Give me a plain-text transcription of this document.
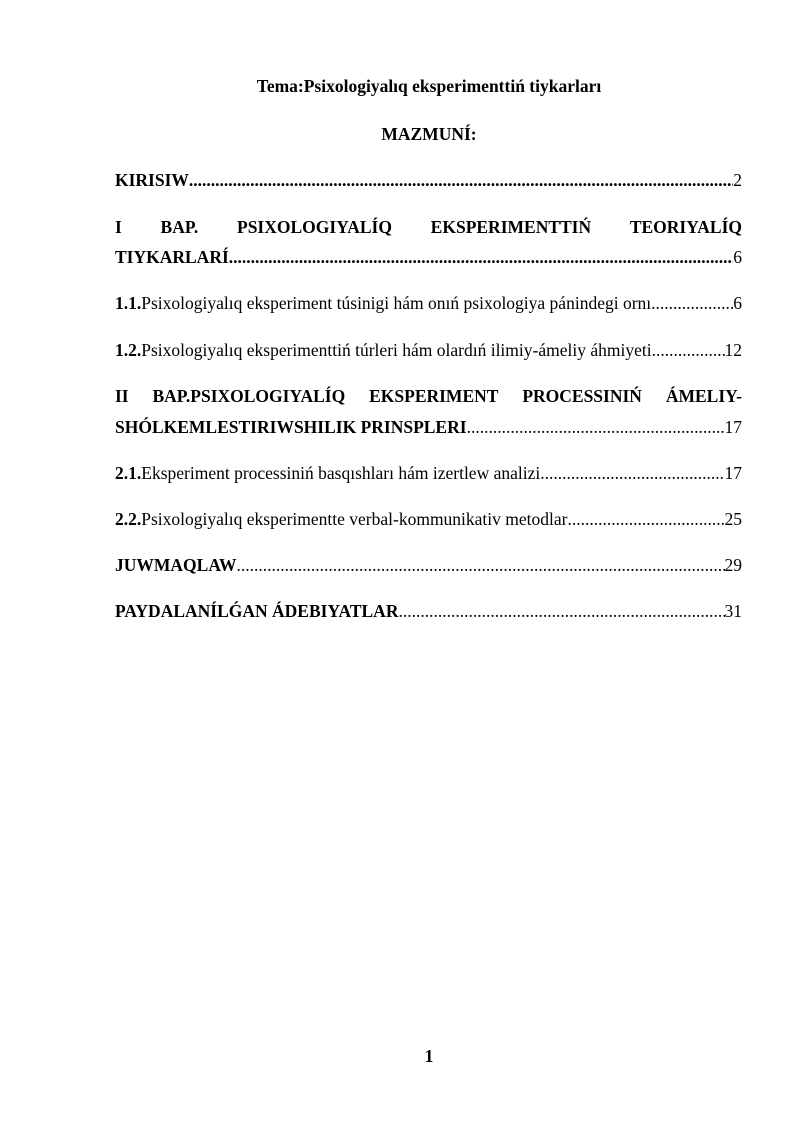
Tema:Psixologiyalıq eksperimenttiń tiykarları
MAZMUNÍ:
KIRISIW .....	2
I BAP. PSIXOLOGIYALÍQ EKSPERIMENTTIŃ TEORIYALÍQ
TIYKARLARÍ .....	6
1.1. Psixologiyalıq eksperiment túsinigi hám onıń psixologiya pánindegi ornı .....	6
1.2. Psixologiyalıq eksperimenttiń túrleri hám olardıń ilimiy-ámeliy áhmiyeti .....	12
II BAP.PSIXOLOGIYALÍQ EKSPERIMENT PROCESSINIŃ ÁMELIY-
SHÓLKEMLESTIRIWSHILIK PRINSPLERI .....	17
2.1. Eksperiment processiniń basqıshları hám izertlew analizi .....	17
2.2. Psixologiyalıq eksperimentte verbal-kommunikativ metodlar .....	25
JUWMAQLAW .....	29
PAYDALANÍLǴAN ÁDEBIYATLAR .....	31
1
